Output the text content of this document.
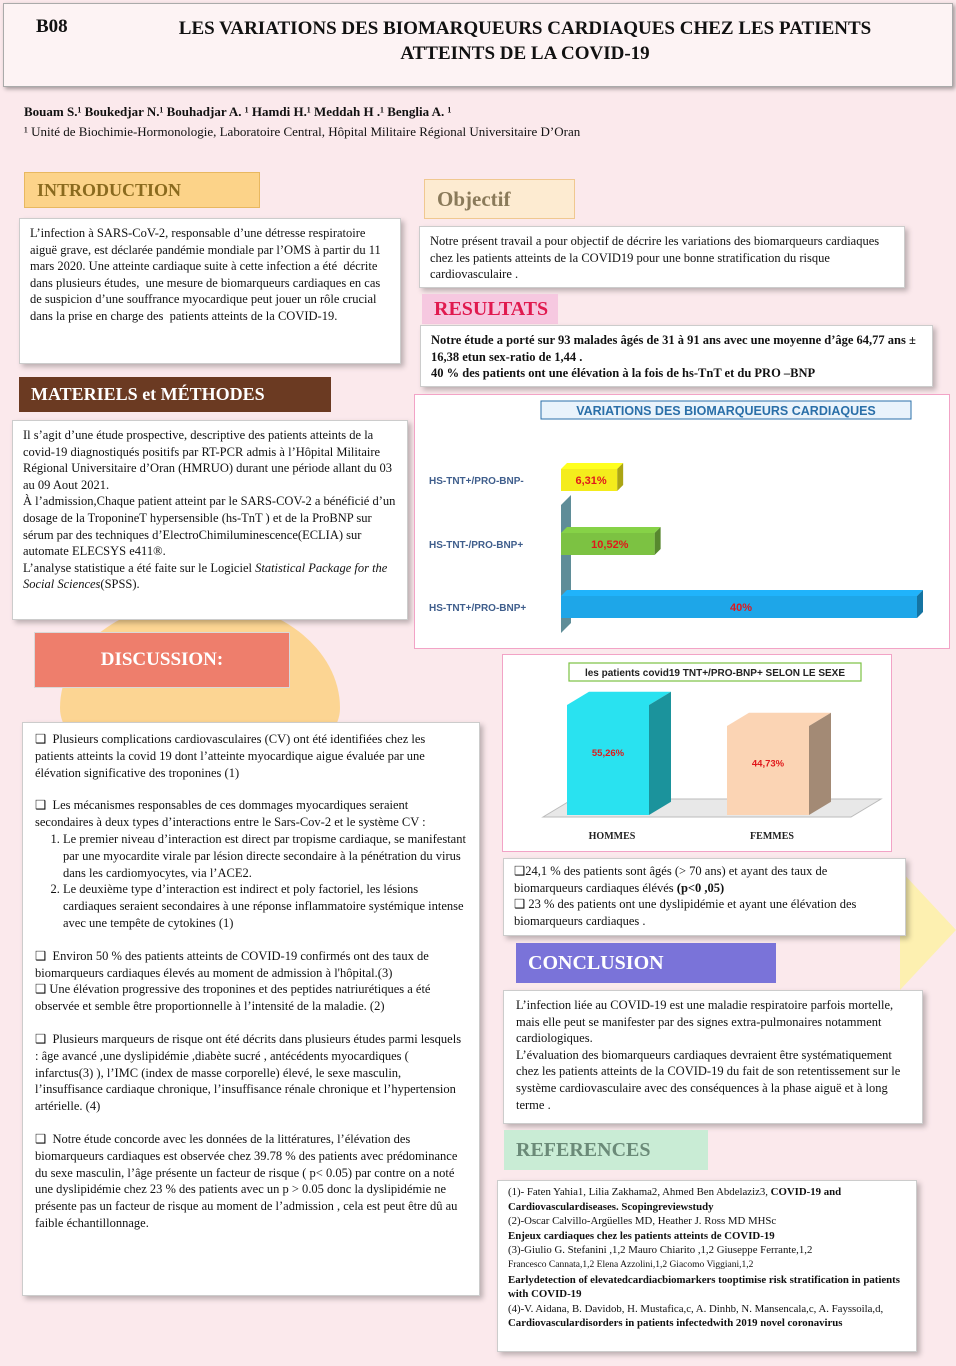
B08	LES VARIATIONS DES BIOMARQUEURS CARDIAQUES CHEZ LES PATIENTS
ATTEINTS DE LA COVID-19
Bouam S.¹ Boukedjar N.¹ Bouhadjar A. ¹ Hamdi H.¹ Meddah H .¹ Benglia A. ¹
¹ Unité de Biochimie-Hormonologie, Laboratoire Central, Hôpital Militaire Régional Universitaire D’Oran
INTRODUCTION
L’infection à SARS-CoV-2, responsable d’une détresse respiratoire aiguë grave, est déclarée pandémie mondiale par l’OMS à partir du 11 mars 2020. Une atteinte cardiaque suite à cette infection a été  décrite dans plusieurs études,  une mesure de biomarqueurs cardiaques en cas de suspicion d’une souffrance myocardique peut jouer un rôle crucial dans la prise en charge des  patients atteints de la COVID-19.
MATERIELS et MÉTHODES
Il s’agit d’une étude prospective, descriptive des patients atteints de la covid-19 diagnostiqués positifs par RT-PCR admis à l’Hôpital Militaire Régional Universitaire d’Oran (HMRUO) durant une période allant du 03 au 09 Aout 2021.
À l’admission,Chaque patient atteint par le SARS-COV-2 a bénéficié d’un dosage de la TroponineT hypersensible (hs-TnT ) et de la ProBNP sur sérum par des techniques d’ElectroChimiluminescence(ECLIA) sur automate ELECSYS e411®.
L’analyse statistique a été faite sur le Logiciel Statistical Package for the Social Sciences(SPSS).
DISCUSSION:
❑ Plusieurs complications cardiovasculaires (CV) ont été identifiées chez les patients atteints la covid 19 dont l’atteinte myocardique aigue évaluée par une élévation significative des troponines (1)
❑ Les mécanismes responsables de ces dommages myocardiques seraient secondaires à deux types d’interactions entre le Sars-Cov-2 et le système CV :
1. Le premier niveau d’interaction est direct par tropisme cardiaque, se manifestant par une myocardite virale par lésion directe secondaire à la pénétration du virus dans les cardiomyocytes, via l’ACE2.
2. Le deuxième type d’interaction est indirect et poly factoriel, les lésions cardiaques seraient secondaires à une réponse inflammatoire systémique intense avec une tempête de cytokines (1)
❑ Environ 50 % des patients atteints de COVID-19 confirmés ont des taux de biomarqueurs cardiaques élevés au moment de admission à l'hôpital.(3)
❑ Une élévation progressive des troponines et des peptides natriurétiques a été observée et semble être proportionnelle à l’intensité de la maladie. (2)
❑ Plusieurs marqueurs de risque ont été décrits dans plusieurs études parmi lesquels : âge avancé ,une dyslipidémie ,diabète sucré , antécédents myocardiques ( infarctus(3) ), l’IMC (index de masse corporelle) élevé, le sexe masculin, l’insuffisance cardiaque chronique, l’insuffisance rénale chronique et l’hypertension artérielle. (4)
❑ Notre étude concorde avec les données de la littératures, l’élévation des biomarqueurs cardiaques est observée chez 39.78 % des patients avec prédominance du sexe masculin, l’âge présente un facteur de risque ( p< 0.05) par contre on a noté une dyslipidémie chez 23 % des patients avec un p > 0.05 donc la dyslipidémie ne présente pas un facteur de risque au moment de l’admission , cela est peut être dû au faible échantillonnage.
Objectif
Notre présent travail a pour objectif de décrire les variations des biomarqueurs cardiaques chez les patients atteints de la COVID19 pour une bonne stratification du risque cardiovasculaire .
RESULTATS
Notre étude a porté sur 93 malades âgés de 31 à 91 ans avec une moyenne d’âge 64,77 ans ± 16,38 etun sex-ratio de 1,44 .
40 % des patients ont une élévation à la fois de hs-TnT et du PRO –BNP
VARIATIONS DES BIOMARQUEURS CARDIAQUES
6,31%
HS-TNT+/PRO-BNP-
10,52%
HS-TNT-/PRO-BNP+
40%
HS-TNT+/PRO-BNP+
les patients covid19 TNT+/PRO-BNP+ SELON LE SEXE
55,26%
HOMMES
44,73%
FEMMES
❑24,1 % des patients sont âgés (> 70 ans) et ayant des taux de biomarqueurs cardiaques élévés (p<0 ,05)
❑ 23 % des patients ont une dyslipidémie et ayant une élévation des biomarqueurs cardiaques .
CONCLUSION
L’infection liée au COVID-19 est une maladie respiratoire parfois mortelle, mais elle peut se manifester par des signes extra-pulmonaires notamment cardiologiques.
L’évaluation des biomarqueurs cardiaques devraient être systématiquement chez les patients atteints de la COVID-19 du fait de son retentissement sur le système cardiovasculaire avec des conséquences à la phase aiguë et à long terme .
REFERENCES
(1)- Faten Yahia1, Lilia Zakhama2, Ahmed Ben Abdelaziz3, COVID-19 and Cardiovasculardiseases. Scopingreviewstudy
(2)-Oscar Calvillo-Argüelles MD, Heather J. Ross MD MHSc
Enjeux cardiaques chez les patients atteints de COVID-19
(3)-Giulio G. Stefanini ,1,2 Mauro Chiarito ,1,2 Giuseppe Ferrante,1,2
Francesco Cannata,1,2 Elena Azzolini,1,2 Giacomo Viggiani,1,2
Earlydetection of elevatedcardiacbiomarkers tooptimise risk stratification in patients with COVID-19
(4)-V. Aidana, B. Davidob, H. Mustafica,c, A. Dinhb, N. Mansencala,c, A. Fayssoila,d, Cardiovasculardisorders in patients infectedwith 2019 novel coronavirus
